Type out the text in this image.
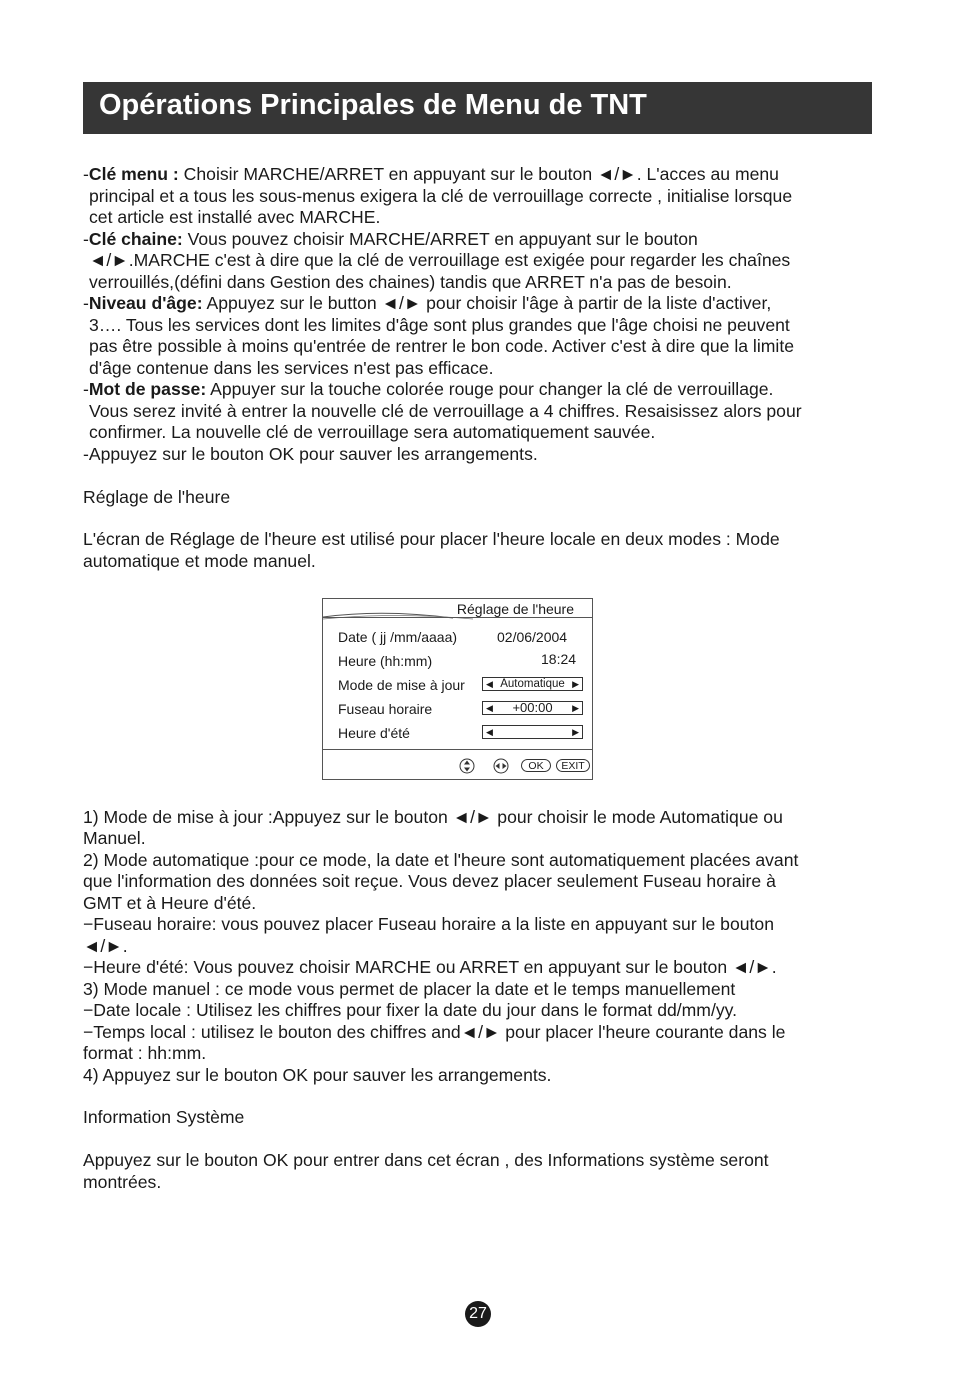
Opérations Principales de Menu de TNT
-Clé menu : Choisir MARCHE/ARRET en appuyant sur le bouton ◄/►. L'acces au menu
principal et a tous les sous-menus exigera la clé de verrouillage correcte , initialise lorsque
cet article est installé avec MARCHE.
-Clé chaine: Vous pouvez choisir MARCHE/ARRET en appuyant sur le bouton
◄/►.MARCHE c'est à dire que la clé de verrouillage est exigée pour regarder les chaînes
verrouillés,(défini dans Gestion des chaines) tandis que ARRET n'a pas de besoin.
-Niveau d'âge: Appuyez sur le button ◄/► pour choisir l'âge à partir de la liste d'activer,
3…. Tous les services dont les limites d'âge sont plus grandes que l'âge choisi ne peuvent
pas être possible à moins qu'entrée de rentrer le bon code. Activer c'est à dire que la limite
d'âge contenue dans les services n'est pas efficace.
-Mot de passe: Appuyer sur la touche colorée rouge pour changer la clé de verrouillage.
Vous serez invité à entrer la nouvelle clé de verrouillage a 4 chiffres. Resaisissez alors pour
confirmer. La nouvelle clé de verrouillage sera automatiquement sauvée.
-Appuyez sur le bouton OK pour sauver les arrangements.
Réglage de l'heure
L'écran de Réglage de l'heure est utilisé pour placer l'heure locale en deux modes : Mode
automatique et mode manuel.
Réglage de l'heure
Date ( jj /mm/aaaa)	02/06/2004
Heure (hh:mm)	18:24
Mode de mise à jour ◀ Automatique ▶
Fuseau horaire	◀	+00:00	▶
Heure d'été	◀	▶
OK	EXIT
1) Mode de mise à jour :Appuyez sur le bouton ◄/► pour choisir le mode Automatique ou
Manuel.
2) Mode automatique :pour ce mode, la date et l'heure sont automatiquement placées avant
que l'information des données soit reçue. Vous devez placer seulement Fuseau horaire à
GMT et à Heure d'été.
−Fuseau horaire: vous pouvez placer Fuseau horaire a la liste en appuyant sur le bouton
◄/►.
−Heure d'été: Vous pouvez choisir MARCHE ou ARRET en appuyant sur le bouton ◄/►.
3) Mode manuel : ce mode vous permet de placer la date et le temps manuellement
−Date locale : Utilisez les chiffres pour fixer la date du jour dans le format dd/mm/yy.
−Temps local : utilisez le bouton des chiffres and◄/► pour placer l'heure courante dans le
format : hh:mm.
4) Appuyez sur le bouton OK pour sauver les arrangements.
Information Système
Appuyez sur le bouton OK pour entrer dans cet écran , des Informations système seront
montrées.
27
